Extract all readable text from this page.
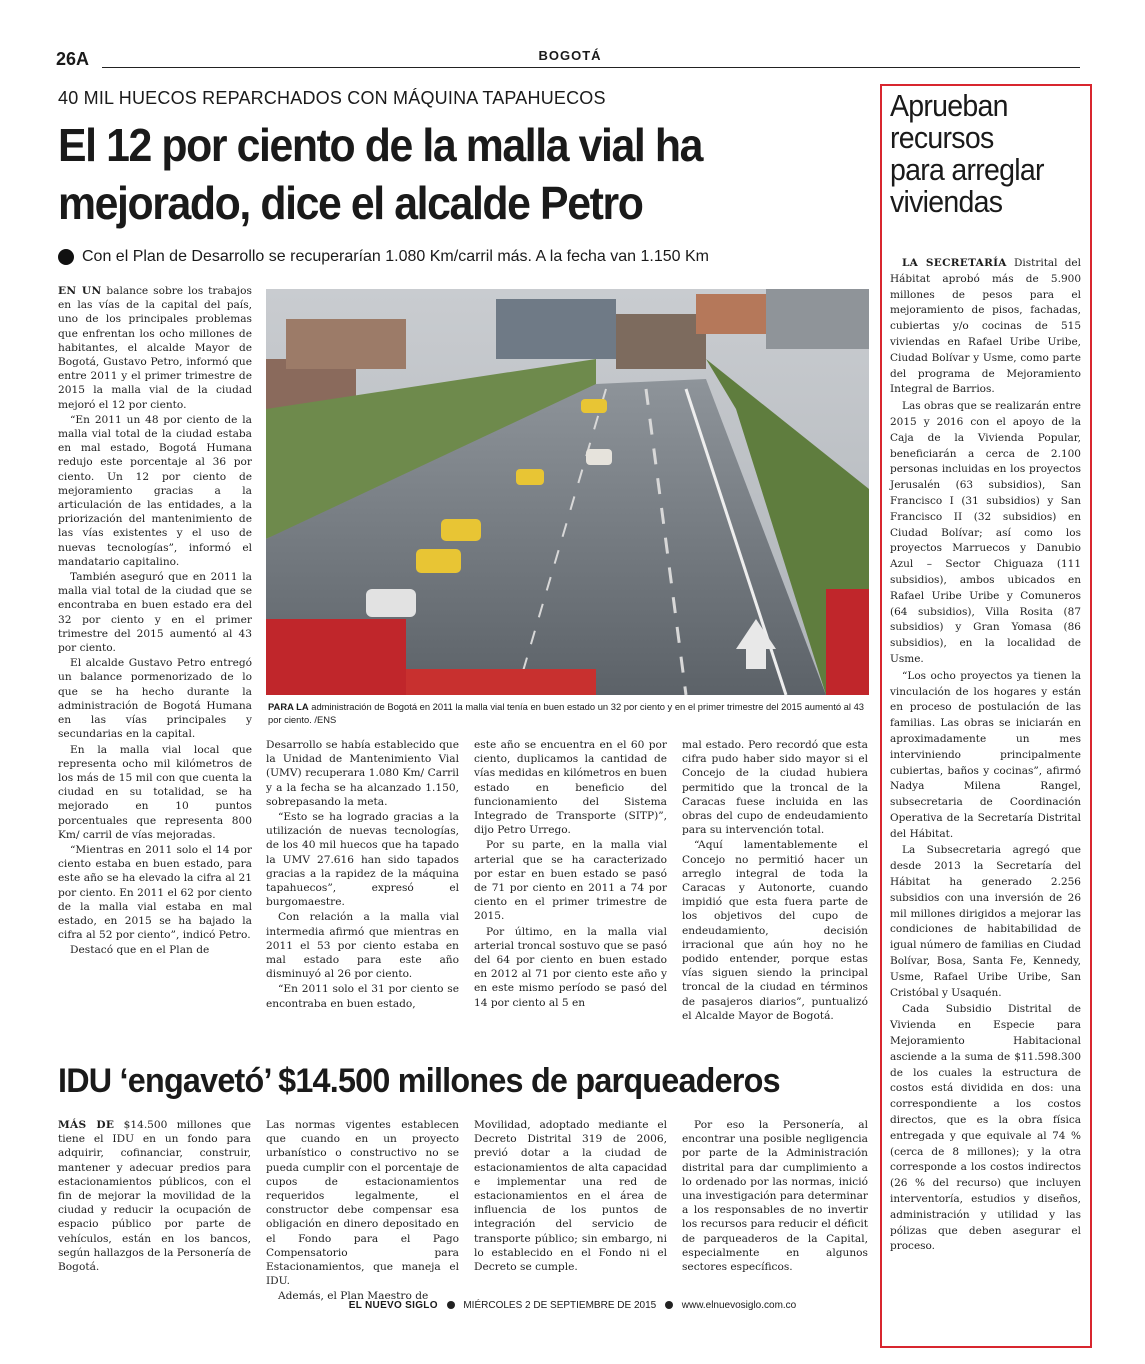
26A	BOGOTÁ
40 MIL HUECOS REPARCHADOS CON MÁQUINA TAPAHUECOS
El 12 por ciento de la malla vial ha mejorado, dice el alcalde Petro
Con el Plan de Desarrollo se recuperarían 1.080 Km/carril más. A la fecha van 1.150 Km

EN UN balance sobre los trabajos en las vías de la capital del país, uno de los principales problemas que enfrentan los ocho millones de habitantes, el alcalde Mayor de Bogotá, Gustavo Petro, informó que entre 2011 y el primer trimestre de 2015 la malla vial de la ciudad mejoró el 12 por ciento.

“En 2011 un 48 por ciento de la malla vial total de la ciudad estaba en mal estado, Bogotá Humana redujo este porcentaje al 36 por ciento. Un 12 por ciento de mejoramiento gracias a la articulación de las entidades, a la priorización del mantenimiento de las vías existentes y el uso de nuevas tecnologías”, informó el mandatario capitalino.

También aseguró que en 2011 la malla vial total de la ciudad que se encontraba en buen estado era del 32 por ciento y en el primer trimestre del 2015 aumentó al 43 por ciento.

El alcalde Gustavo Petro entregó un balance pormenorizado de lo que se ha hecho durante la administración de Bogotá Humana en las vías principales y secundarias en la capital.

En la malla vial local que representa ocho mil kilómetros de los más de 15 mil con que cuenta la ciudad en su totalidad, se ha mejorado en 10 puntos porcentuales que representa 800 Km/ carril de vías mejoradas.

“Mientras en 2011 solo el 14 por ciento estaba en buen estado, para este año se ha elevado la cifra al 21 por ciento. En 2011 el 62 por ciento de la malla vial estaba en mal estado, en 2015 se ha bajado la cifra al 52 por ciento”, indicó Petro.

Destacó que en el Plan de

PARA LA administración de Bogotá en 2011 la malla vial tenía en buen estado un 32 por ciento y en el primer trimestre del 2015 aumentó al 43 por ciento. /ENS

Desarrollo se había establecido que la Unidad de Mantenimiento Vial (UMV) recuperara 1.080 Km/ Carril y a la fecha se ha alcanzado 1.150, sobrepasando la meta.

“Esto se ha logrado gracias a la utilización de nuevas tecnologías, de los 40 mil huecos que ha tapado la UMV 27.616 han sido tapados gracias a la rapidez de la máquina tapahuecos”, expresó el burgomaestre.

Con relación a la malla vial intermedia afirmó que mientras en 2011 el 53 por ciento estaba en mal estado para este año disminuyó al 26 por ciento.

“En 2011 solo el 31 por ciento se encontraba en buen estado,

este año se encuentra en el 60 por ciento, duplicamos la cantidad de vías medidas en kilómetros en buen estado en beneficio del funcionamiento del Sistema Integrado de Transporte (SITP)”, dijo Petro Urrego.

Por su parte, en la malla vial arterial que se ha caracterizado por estar en buen estado se pasó de 71 por ciento en 2011 a 74 por ciento en el primer trimestre de 2015.

Por último, en la malla vial arterial troncal sostuvo que se pasó del 64 por ciento en buen estado en 2012 al 71 por ciento este año y en este mismo período se pasó del 14 por ciento al 5 en

mal estado. Pero recordó que esta cifra pudo haber sido mayor si el Concejo de la ciudad hubiera permitido que la troncal de la Caracas fuese incluida en las obras del cupo de endeudamiento para su intervención total.

“Aquí lamentablemente el Concejo no permitió hacer un arreglo integral de toda la Caracas y Autonorte, cuando impidió que esta fuera parte de los objetivos del cupo de endeudamiento, decisión irracional que aún hoy no he podido entender, porque estas vías siguen siendo la principal troncal de la ciudad en términos de pasajeros diarios”, puntualizó el Alcalde Mayor de Bogotá.

IDU ‘engavetó’ $14.500 millones de parqueaderos

MÁS DE $14.500 millones que tiene el IDU en un fondo para adquirir, cofinanciar, construir, mantener y adecuar predios para estacionamientos públicos, con el fin de mejorar la movilidad de la ciudad y reducir la ocupación de espacio público por parte de vehículos, están en los bancos, según hallazgos de la Personería de Bogotá.

Las normas vigentes establecen que cuando en un proyecto urbanístico o constructivo no se pueda cumplir con el porcentaje de cupos de estacionamientos requeridos legalmente, el constructor debe compensar esa obligación en dinero depositado en el Fondo para el Pago Compensatorio para Estacionamientos, que maneja el IDU.

Además, el Plan Maestro de

Movilidad, adoptado mediante el Decreto Distrital 319 de 2006, previó dotar a la ciudad de estacionamientos de alta capacidad e implementar una red de estacionamientos en el área de influencia de los puntos de integración del servicio de transporte público; sin embargo, ni lo establecido en el Fondo ni el Decreto se cumple.

Por eso la Personería, al encontrar una posible negligencia por parte de la Administración distrital para dar cumplimiento a lo ordenado por las normas, inició una investigación para determinar a los responsables de no invertir los recursos para reducir el déficit de parqueaderos de la Capital, especialmente en algunos sectores específicos.

Aprueban
recursos
para arreglar
viviendas

LA SECRETARÍA Distrital del Hábitat aprobó más de 5.900 millones de pesos para el mejoramiento de pisos, fachadas, cubiertas y/o cocinas de 515 viviendas en Rafael Uribe Uribe, Ciudad Bolívar y Usme, como parte del programa de Mejoramiento Integral de Barrios.

Las obras que se realizarán entre 2015 y 2016 con el apoyo de la Caja de la Vivienda Popular, beneficiarán a cerca de 2.100 personas incluidas en los proyectos Jerusalén (63 subsidios), San Francisco I (31 subsidios) y San Francisco II (32 subsidios) en Ciudad Bolívar; así como los proyectos Marruecos y Danubio Azul – Sector Chiguaza (111 subsidios), ambos ubicados en Rafael Uribe Uribe y Comuneros (64 subsidios), Villa Rosita (87 subsidios) y Gran Yomasa (86 subsidios), en la localidad de Usme.

“Los ocho proyectos ya tienen la vinculación de los hogares y están en proceso de postulación de las familias. Las obras se iniciarán en aproximadamente un mes interviniendo principalmente cubiertas, baños y cocinas”, afirmó Nadya Milena Rangel, subsecretaria de Coordinación Operativa de la Secretaría Distrital del Hábitat.

La Subsecretaria agregó que desde 2013 la Secretaría del Hábitat ha generado 2.256 subsidios con una inversión de 26 mil millones dirigidos a mejorar las condiciones de habitabilidad de igual número de familias en Ciudad Bolívar, Bosa, Santa Fe, Kennedy, Usme, Rafael Uribe Uribe, San Cristóbal y Usaquén.

Cada Subsidio Distrital de Vivienda en Especie para Mejoramiento Habitacional asciende a la suma de $11.598.300 de los cuales la estructura de costos está dividida en dos: una correspondiente a los costos directos, que es la obra física entregada y que equivale al 74 % (cerca de 8 millones); y la otra corresponde a los costos indirectos (26 % del recurso) que incluyen interventoría, estudios y diseños, administración y utilidad y las pólizas que deben asegurar el proceso.

EL NUEVO SIGLO	MIÉRCOLES 2 DE SEPTIEMBRE DE 2015	www.elnuevosiglo.com.co
